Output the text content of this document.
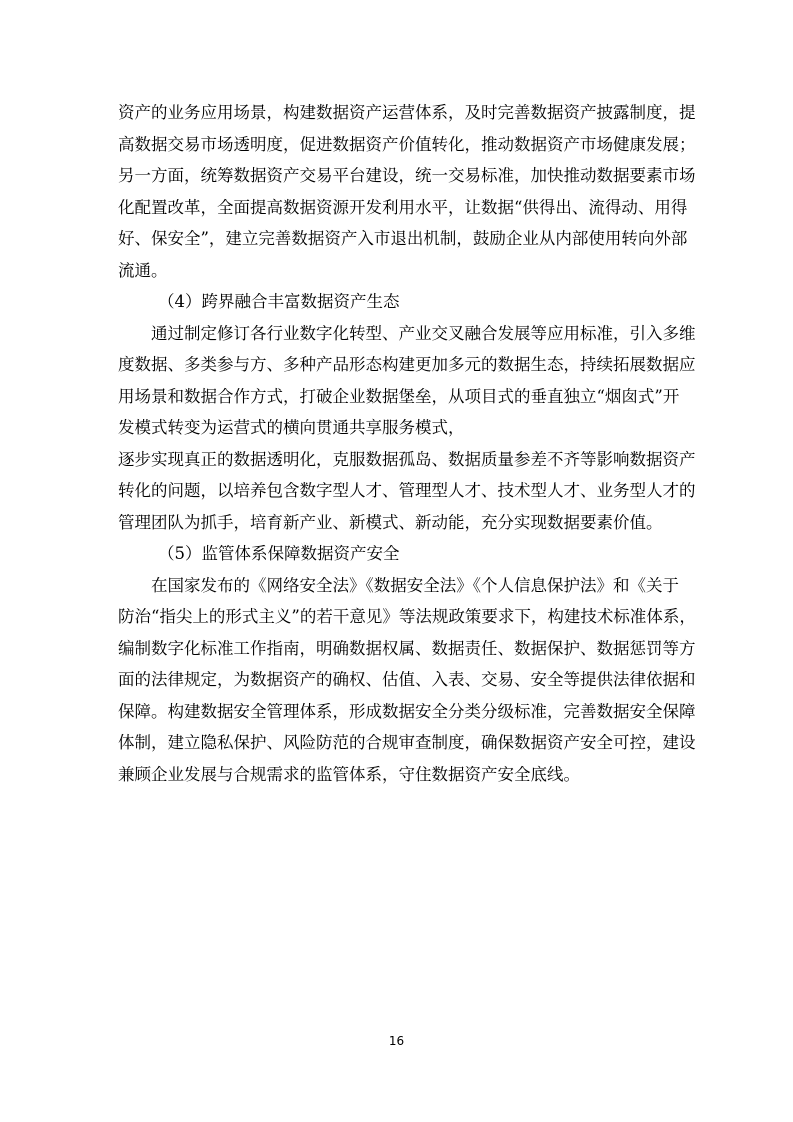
资产的业务应用场景，构建数据资产运营体系，及时完善数据资产披露制度，提
高数据交易市场透明度，促进数据资产价值转化，推动数据资产市场健康发展；
另一方面，统筹数据资产交易平台建设，统一交易标准，加快推动数据要素市场
化配置改革，全面提高数据资源开发利用水平，让数据“供得出、流得动、用得
好、保安全”，建立完善数据资产入市退出机制，鼓励企业从内部使用转向外部
流通。
（4）跨界融合丰富数据资产生态
通过制定修订各行业数字化转型、产业交叉融合发展等应用标准，引入多维
度数据、多类参与方、多种产品形态构建更加多元的数据生态，持续拓展数据应
用场景和数据合作方式，打破企业数据堡垒，从项目式的垂直独立“烟囱式”开
发模式转变为运营式的横向贯通共享服务模式，
逐步实现真正的数据透明化，克服数据孤岛、数据质量参差不齐等影响数据资产
转化的问题，以培养包含数字型人才、管理型人才、技术型人才、业务型人才的
管理团队为抓手，培育新产业、新模式、新动能，充分实现数据要素价值。
（5）监管体系保障数据资产安全
在国家发布的《网络安全法》《数据安全法》《个人信息保护法》和《关于
防治“指尖上的形式主义”的若干意见》等法规政策要求下，构建技术标准体系，
编制数字化标准工作指南，明确数据权属、数据责任、数据保护、数据惩罚等方
面的法律规定，为数据资产的确权、估值、入表、交易、安全等提供法律依据和
保障。构建数据安全管理体系，形成数据安全分类分级标准，完善数据安全保障
体制，建立隐私保护、风险防范的合规审查制度，确保数据资产安全可控，建设
兼顾企业发展与合规需求的监管体系，守住数据资产安全底线。
16
